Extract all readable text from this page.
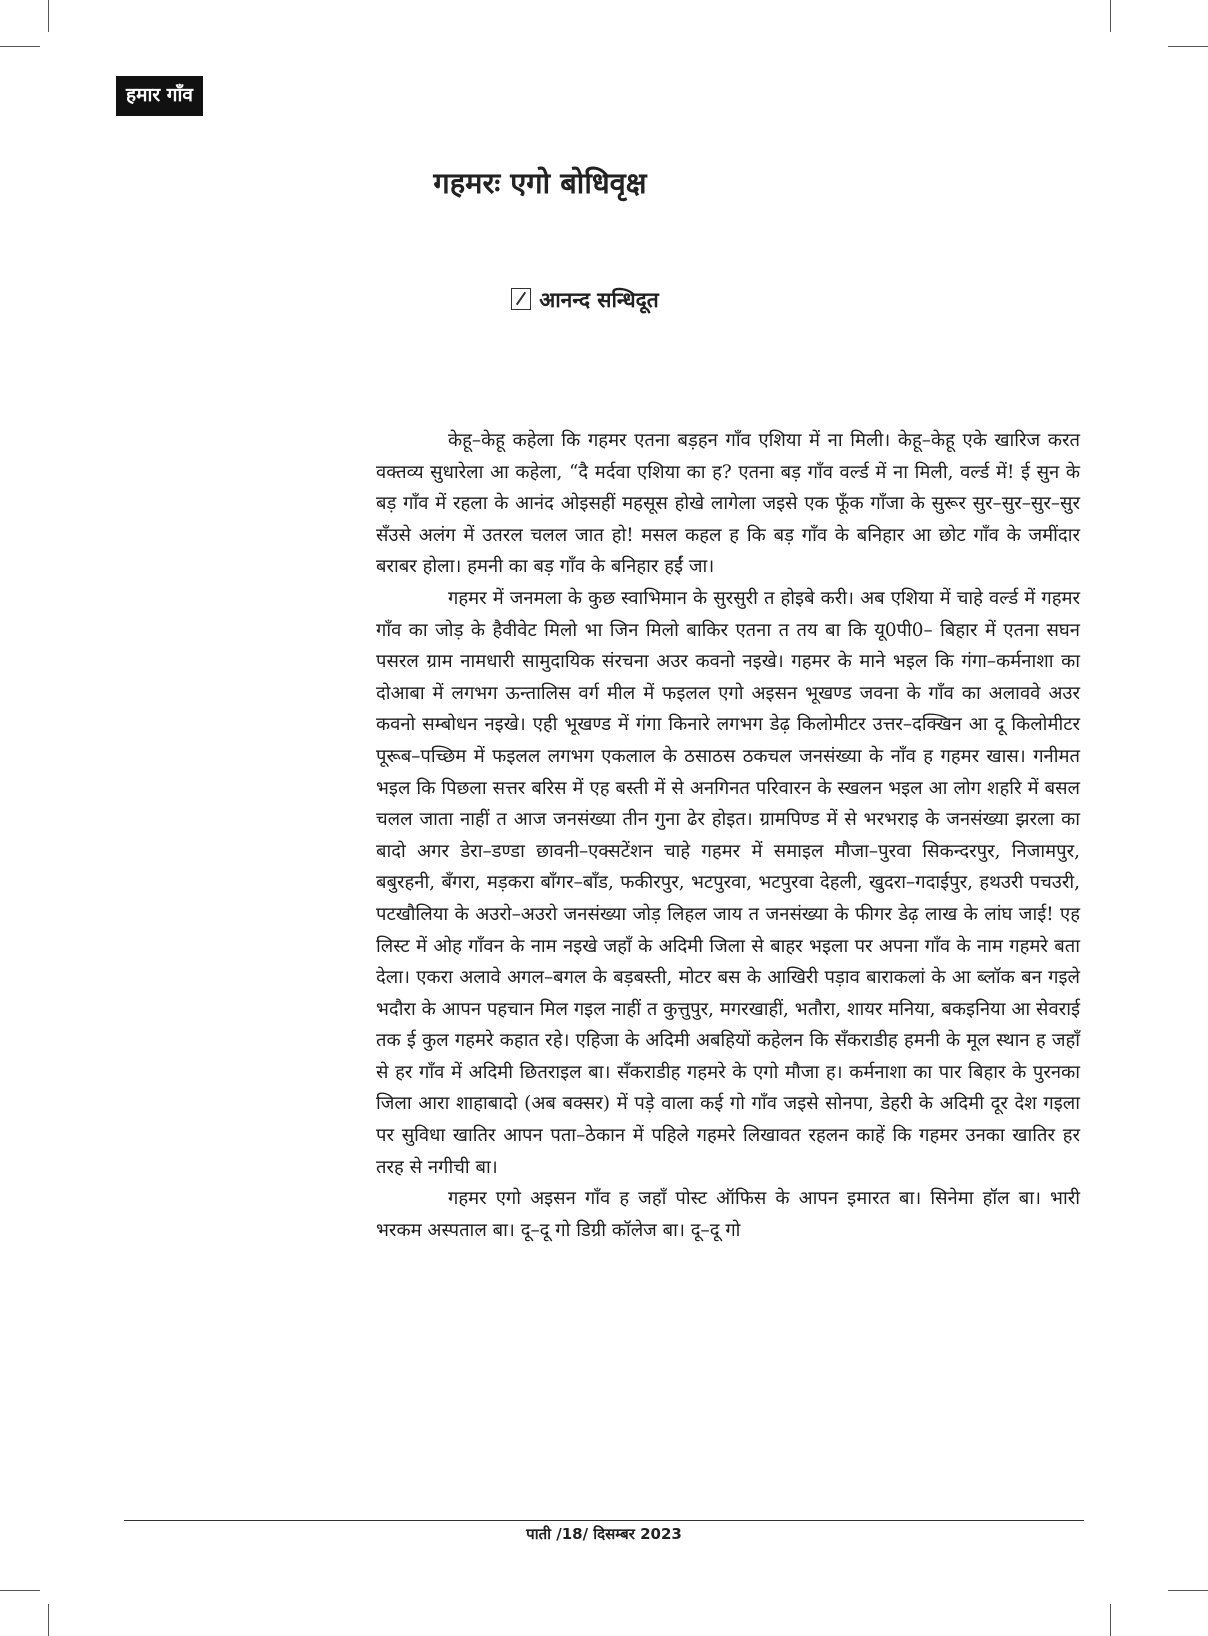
हमार गाँव
गहमरः एगो बोधिवृक्ष
आनन्द सन्धिदूत

केहू–केहू कहेला कि गहमर एतना बड़हन गाँव एशिया में ना मिली। केहू–केहू एके खारिज करत वक्तव्य सुधारेला आ कहेला, “दै मर्दवा एशिया का ह? एतना बड़ गाँव वर्ल्ड में ना मिली, वर्ल्ड में! ई सुन के बड़ गाँव में रहला के आनंद ओइसहीं महसूस होखे लागेला जइसे एक फूँक गाँजा के सुरूर सुर–सुर–सुर–सुर सँउसे अलंग में उतरल चलल जात हो! मसल कहल ह कि बड़ गाँव के बनिहार आ छोट गाँव के जमींदार बराबर होला। हमनी का बड़ गाँव के बनिहार हईं जा।

गहमर में जनमला के कुछ स्वाभिमान के सुरसुरी त होइबे करी। अब एशिया में चाहे वर्ल्ड में गहमर गाँव का जोड़ के हैवीवेट मिलो भा जिन मिलो बाकिर एतना त तय बा कि यू0पी0– बिहार में एतना सघन पसरल ग्राम नामधारी सामुदायिक संरचना अउर कवनो नइखे। गहमर के माने भइल कि गंगा–कर्मनाशा का दोआबा में लगभग ऊन्तालिस वर्ग मील में फइलल एगो अइसन भूखण्ड जवना के गाँव का अलाववे अउर कवनो सम्बोधन नइखे। एही भूखण्ड में गंगा किनारे लगभग डेढ़ किलोमीटर उत्तर–दक्खिन आ दू किलोमीटर पूरूब–पच्छिम में फइलल लगभग एकलाल के ठसाठस ठकचल जनसंख्या के नाँव ह गहमर खास। गनीमत भइल कि पिछला सत्तर बरिस में एह बस्ती में से अनगिनत परिवारन के स्खलन भइल आ लोग शहरि में बसल चलल जाता नाहीं त आज जनसंख्या तीन गुना ढेर होइत। ग्रामपिण्ड में से भरभराइ के जनसंख्या झरला का बादो अगर डेरा–डण्डा छावनी–एक्सटेंशन चाहे गहमर में समाइल मौजा–पुरवा सिकन्दरपुर, निजामपुर, बबुरहनी, बँगरा, मड़करा बाँगर–बाँड, फकीरपुर, भटपुरवा, भटपुरवा देहली, खुदरा–गदाईपुर, हथउरी पचउरी, पटखौलिया के अउरो–अउरो जनसंख्या जोड़ लिहल जाय त जनसंख्या के फीगर डेढ़ लाख के लांघ जाई! एह लिस्ट में ओह गाँवन के नाम नइखे जहाँ के अदिमी जिला से बाहर भइला पर अपना गाँव के नाम गहमरे बता देला। एकरा अलावे अगल–बगल के बड़बस्ती, मोटर बस के आखिरी पड़ाव बाराकलां के आ ब्लॉक बन गइले भदौरा के आपन पहचान मिल गइल नाहीं त कुत्तुपुर, मगरखाहीं, भतौरा, शायर मनिया, बकइनिया आ सेवराई तक ई कुल गहमरे कहात रहे। एहिजा के अदिमी अबहियों कहेलन कि सँकराडीह हमनी के मूल स्थान ह जहाँ से हर गाँव में अदिमी छितराइल बा। सँकराडीह गहमरे के एगो मौजा ह। कर्मनाशा का पार बिहार के पुरनका जिला आरा शाहाबादो (अब बक्सर) में पड़े वाला कई गो गाँव जइसे सोनपा, डेहरी के अदिमी दूर देश गइला पर सुविधा खातिर आपन पता–ठेकान में पहिले गहमरे लिखावत रहलन काहें कि गहमर उनका खातिर हर तरह से नगीची बा।

गहमर एगो अइसन गाँव ह जहाँ पोस्ट ऑफिस के आपन इमारत बा। सिनेमा हॉल बा। भारी भरकम अस्पताल बा। दू–दू गो डिग्री कॉलेज बा। दू–दू गो

पाती /18/ दिसम्बर 2023
